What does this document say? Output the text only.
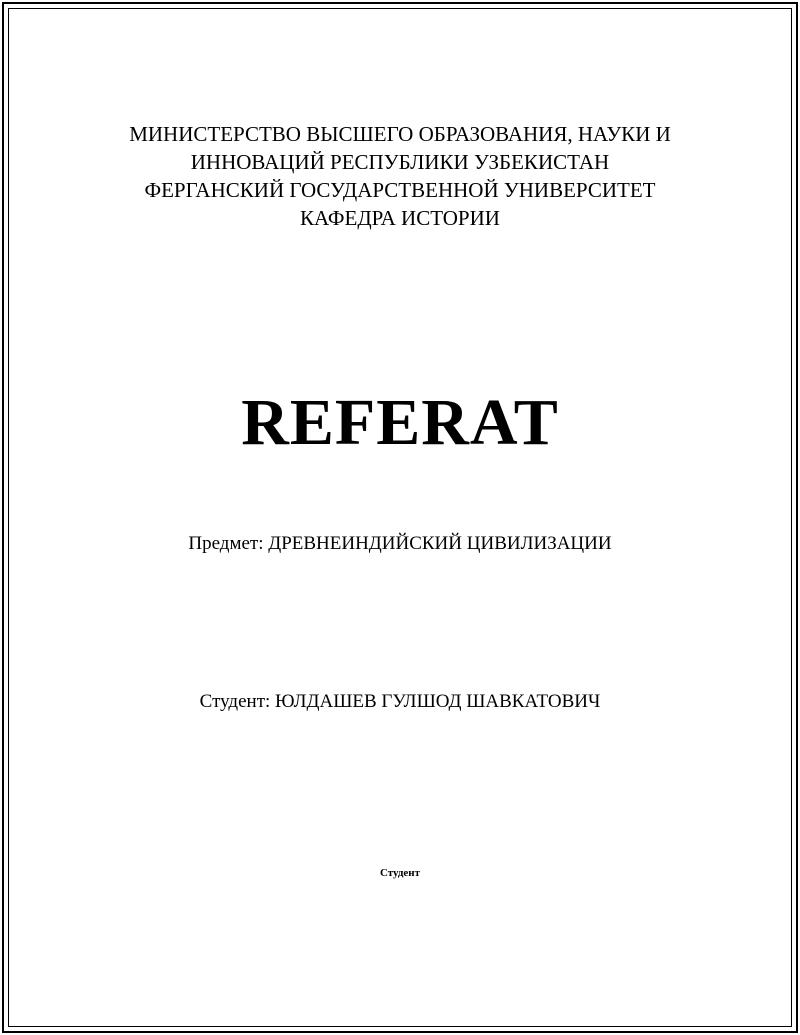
МИНИСТЕРСТВО ВЫСШЕГО ОБРАЗОВАНИЯ, НАУКИ И
ИННОВАЦИЙ РЕСПУБЛИКИ УЗБЕКИСТАН
ФЕРГАНСКИЙ ГОСУДАРСТВЕННОЙ УНИВЕРСИТЕТ
КАФЕДРА ИСТОРИИ
REFERAT
Предмет: ДРЕВНЕИНДИЙСКИЙ ЦИВИЛИЗАЦИИ
Студент: ЮЛДАШЕВ ГУЛШОД ШАВКАТОВИЧ
Студент
